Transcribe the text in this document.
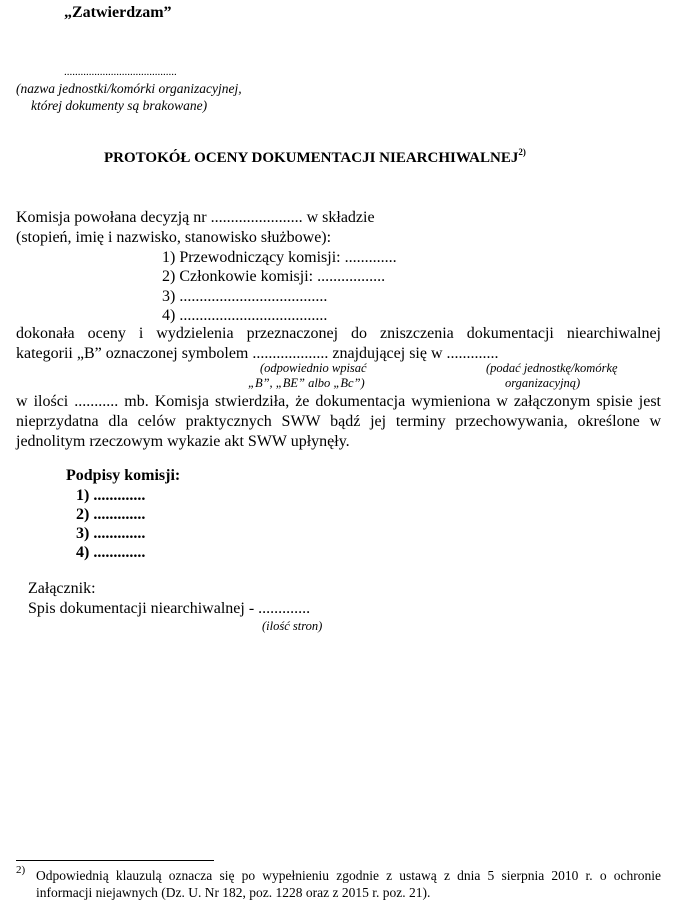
„Zatwierdzam”
.........................................
(nazwa jednostki/komórki organizacyjnej,
której dokumenty są brakowane)
PROTOKÓŁ OCENY DOKUMENTACJI NIEARCHIWALNEJ$^{2)}$
Komisja powołana decyzją nr ....................... w składzie
(stopień, imię i nazwisko, stanowisko służbowe):
1) Przewodniczący komisji: .............
2) Członkowie komisji: .................
3) .....................................
4) .....................................
dokonała oceny i wydzielenia przeznaczonej do zniszczenia dokumentacji niearchiwalnej
kategorii „B” oznaczonej symbolem ................... znajdującej się w .............
(odpowiednio wpisać
„B”, „BE” albo „Bc”)
(podać jednostkę/komórkę
organizacyjną)
w ilości ........... mb. Komisja stwierdziła, że dokumentacja wymieniona w załączonym spisie jest
nieprzydatna dla celów praktycznych SWW bądź jej terminy przechowywania, określone w
jednolitym rzeczowym wykazie akt SWW upłynęły.
Podpisy komisji:
1) .............
2) .............
3) .............
4) .............
Załącznik:
Spis dokumentacji niearchiwalnej - .............
(ilość stron)
2) Odpowiednią klauzulą oznacza się po wypełnieniu zgodnie z ustawą z dnia 5 sierpnia 2010 r. o ochronie
informacji niejawnych (Dz. U. Nr 182, poz. 1228 oraz z 2015 r. poz. 21).
